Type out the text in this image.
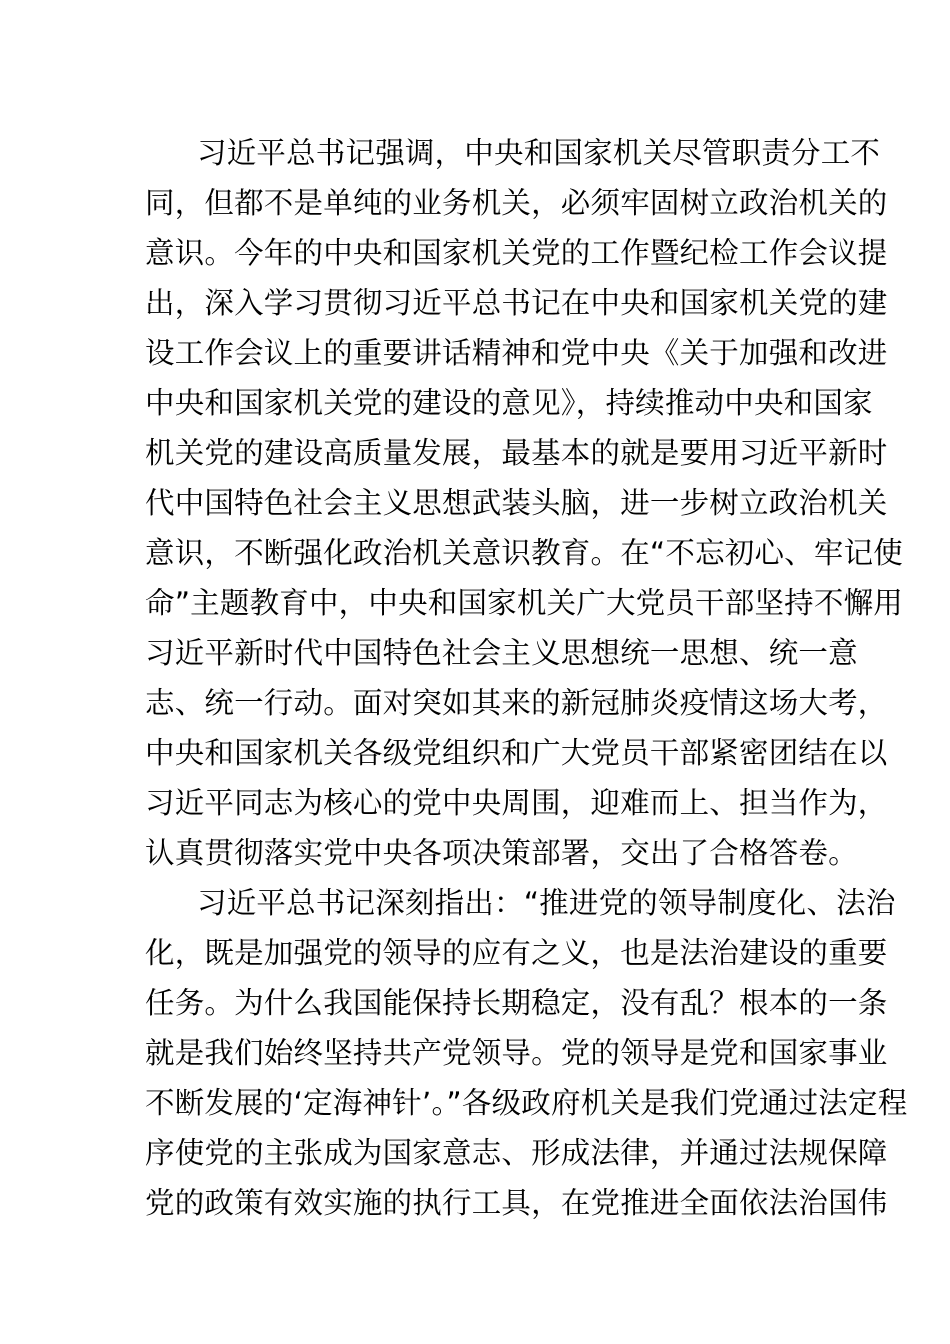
习近平总书记强调，中央和国家机关尽管职责分工不
同，但都不是单纯的业务机关，必须牢固树立政治机关的
意识。今年的中央和国家机关党的工作暨纪检工作会议提
出，深入学习贯彻习近平总书记在中央和国家机关党的建
设工作会议上的重要讲话精神和党中央《关于加强和改进
中央和国家机关党的建设的意见》，持续推动中央和国家
机关党的建设高质量发展，最基本的就是要用习近平新时
代中国特色社会主义思想武装头脑，进一步树立政治机关
意识，不断强化政治机关意识教育。在“不忘初心、牢记使
命”主题教育中，中央和国家机关广大党员干部坚持不懈用
习近平新时代中国特色社会主义思想统一思想、统一意
志、统一行动。面对突如其来的新冠肺炎疫情这场大考，
中央和国家机关各级党组织和广大党员干部紧密团结在以
习近平同志为核心的党中央周围，迎难而上、担当作为，
认真贯彻落实党中央各项决策部署，交出了合格答卷。
习近平总书记深刻指出：“推进党的领导制度化、法治
化，既是加强党的领导的应有之义，也是法治建设的重要
任务。为什么我国能保持长期稳定，没有乱？根本的一条
就是我们始终坚持共产党领导。党的领导是党和国家事业
不断发展的‘定海神针’。”各级政府机关是我们党通过法定程
序使党的主张成为国家意志、形成法律，并通过法规保障
党的政策有效实施的执行工具，在党推进全面依法治国伟
